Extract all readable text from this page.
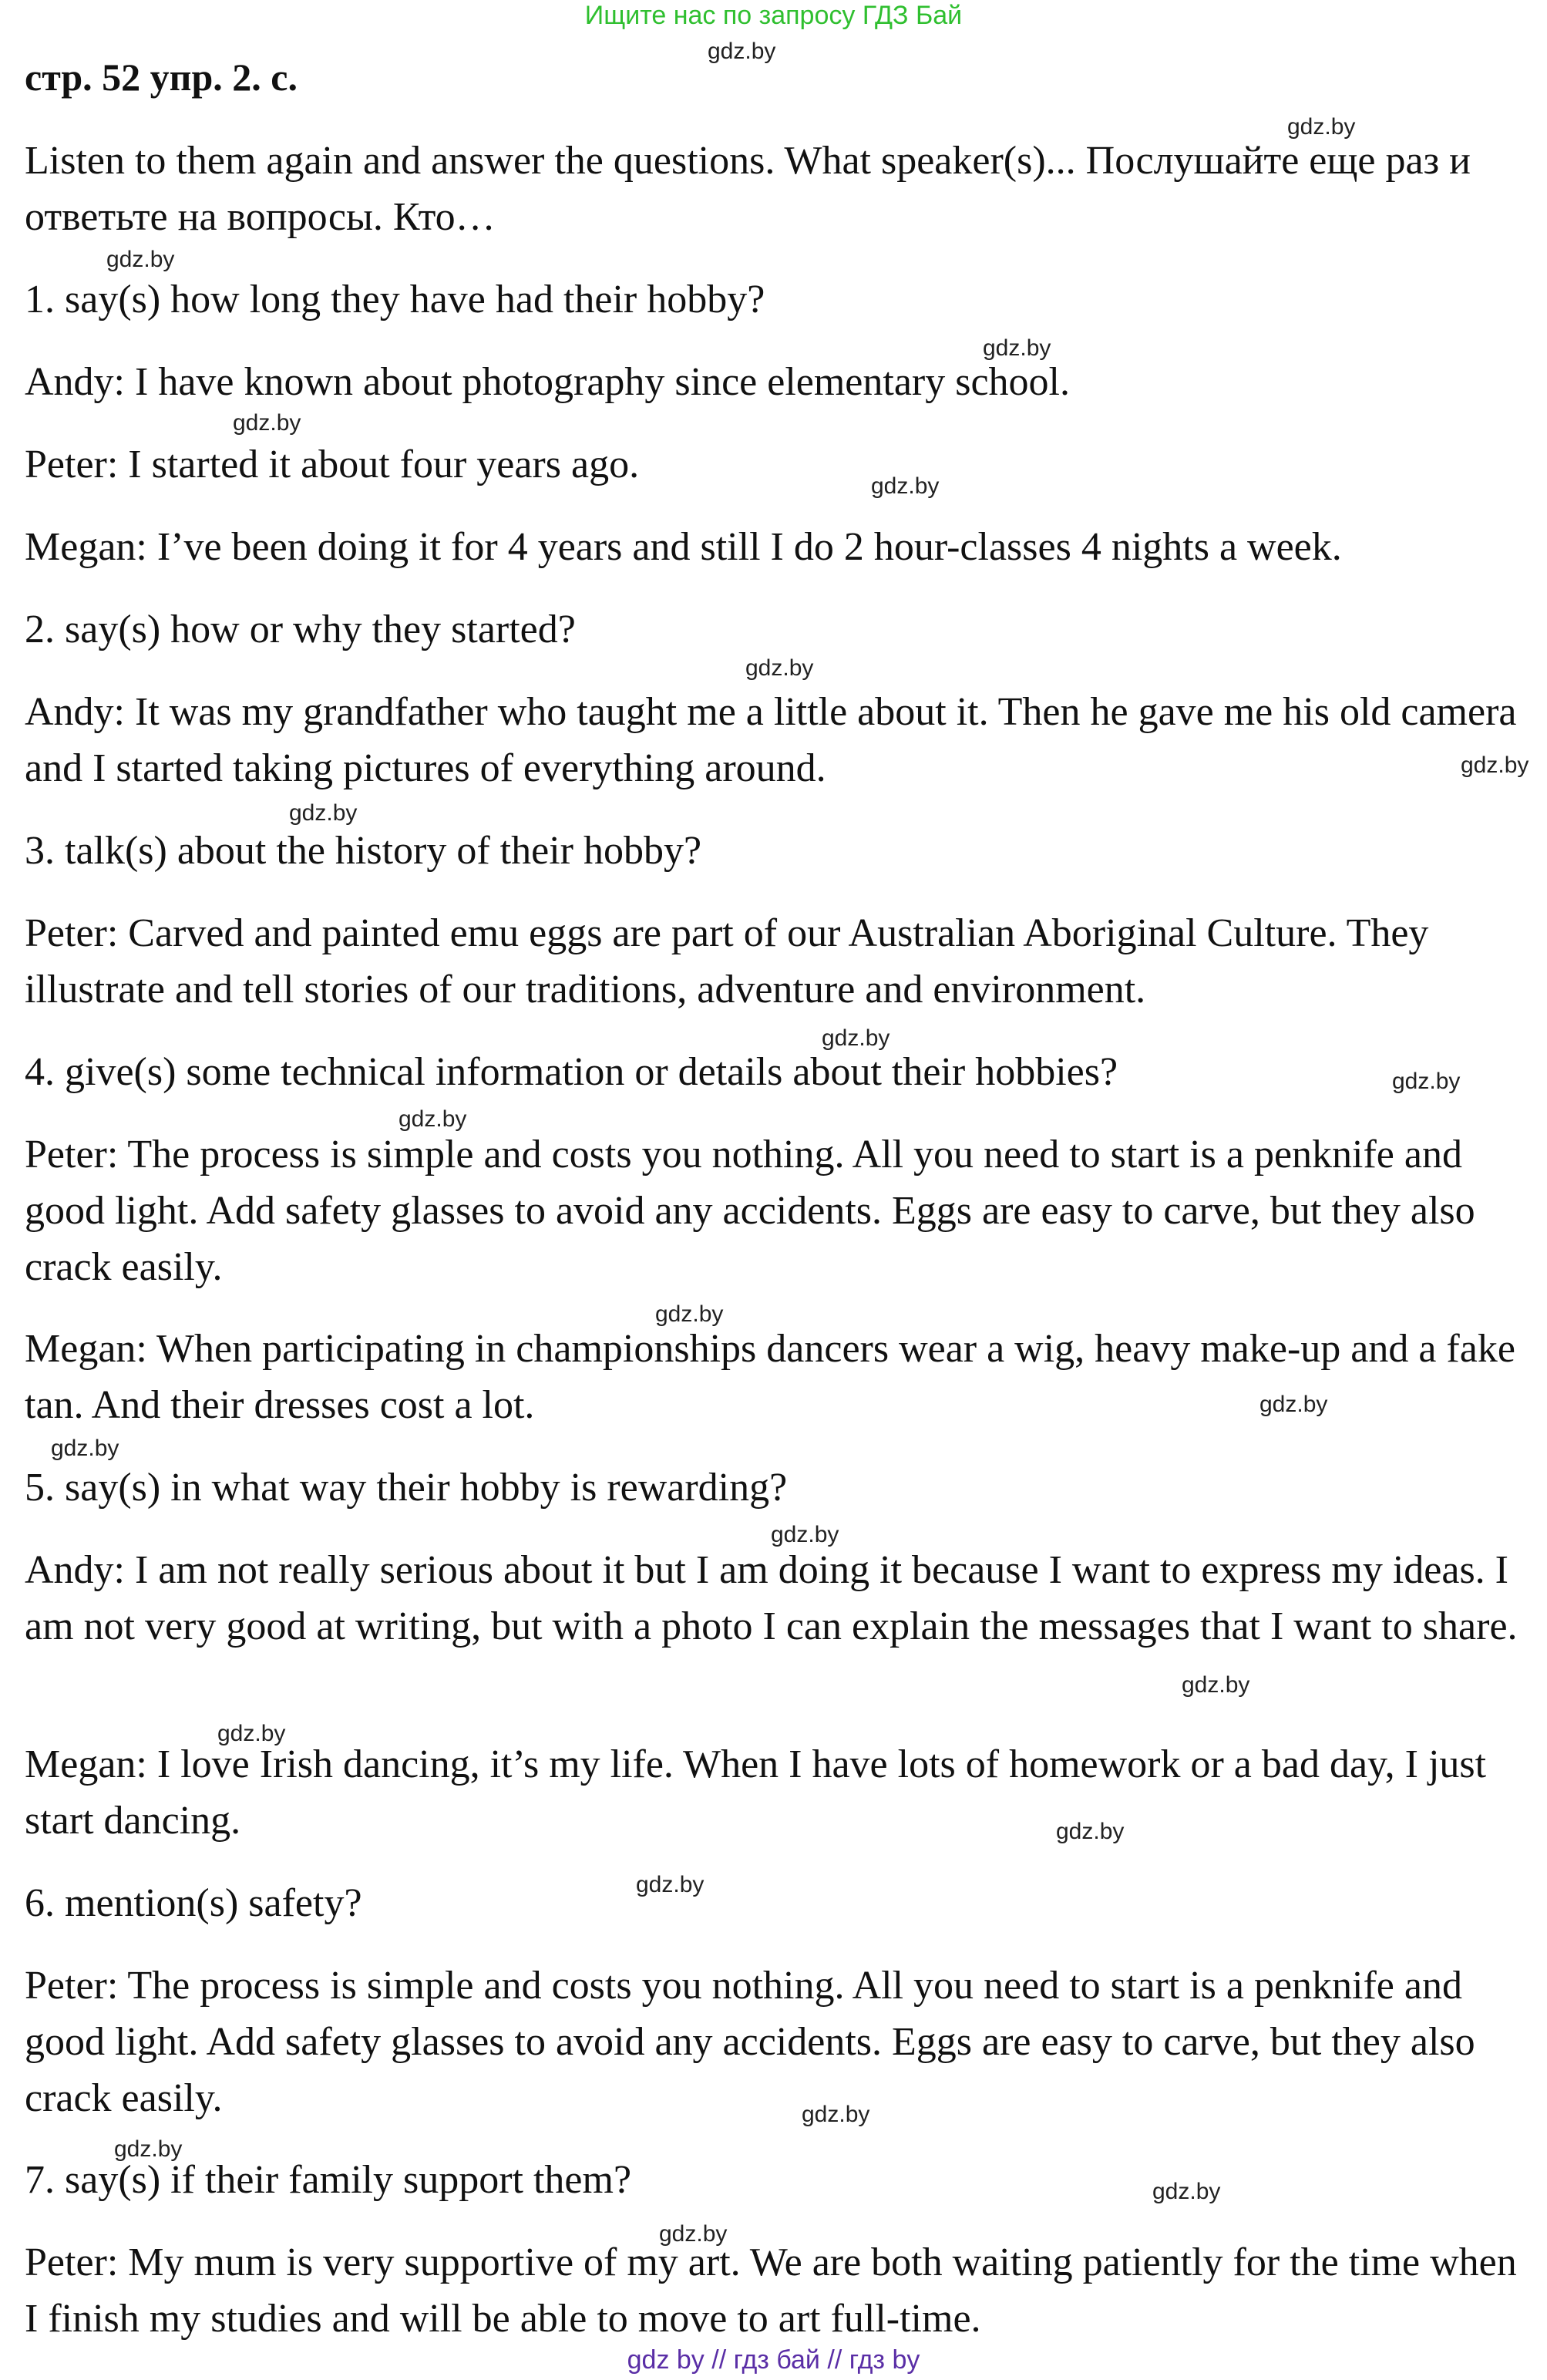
Ищите нас по запросу ГДЗ Бай
стр. 52 упр. 2. с.

Listen to them again and answer the questions. What speaker(s)... Послушайте еще раз и ответьте на вопросы. Кто…

1. say(s) how long they have had their hobby?

Andy: I have known about photography since elementary school.

Peter: I started it about four years ago.

Megan: I’ve been doing it for 4 years and still I do 2 hour-classes 4 nights a week.

2. say(s) how or why they started?

Andy: It was my grandfather who taught me a little about it. Then he gave me his old camera and I started taking pictures of everything around.

3. talk(s) about the history of their hobby?

Peter: Carved and painted emu eggs are part of our Australian Aboriginal Culture. They illustrate and tell stories of our traditions, adventure and environment.

4. give(s) some technical information or details about their hobbies?

Peter: The process is simple and costs you nothing. All you need to start is a penknife and good light. Add safety glasses to avoid any accidents. Eggs are easy to carve, but they also crack easily.

Megan: When participating in championships dancers wear a wig, heavy make-up and a fake tan. And their dresses cost a lot.

5. say(s) in what way their hobby is rewarding?

Andy: I am not really serious about it but I am doing it because I want to express my ideas. I am not very good at writing, but with a photo I can explain the messages that I want to share.

Megan: I love Irish dancing, it’s my life. When I have lots of homework or a bad day, I just start dancing.

6. mention(s) safety?

Peter: The process is simple and costs you nothing. All you need to start is a penknife and good light. Add safety glasses to avoid any accidents. Eggs are easy to carve, but they also crack easily.

7. say(s) if their family support them?

Peter: My mum is very supportive of my art. We are both waiting patiently for the time when I finish my studies and will be able to move to art full-time.

gdz.by
gdz.by
gdz.by
gdz.by
gdz.by
gdz.by
gdz.by
gdz.by
gdz.by
gdz.by
gdz.by
gdz.by
gdz.by
gdz.by
gdz.by
gdz.by
gdz.by
gdz.by
gdz.by
gdz.by
gdz.by
gdz.by
gdz.by
gdz.by
gdz by // гдз бай // гдз by
